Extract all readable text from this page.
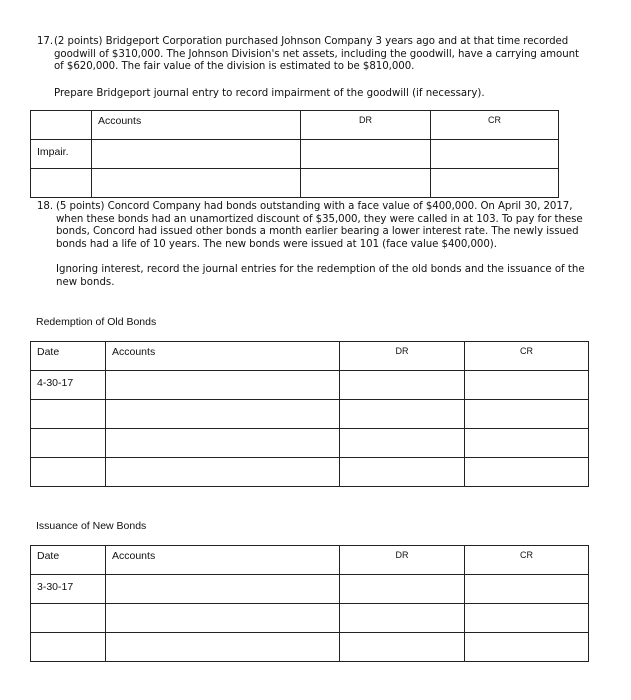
17. (2 points) Bridgeport Corporation purchased Johnson Company 3 years ago and at that time recorded goodwill of $310,000. The Johnson Division's net assets, including the goodwill, have a carrying amount of $620,000. The fair value of the division is estimated to be $810,000.
Prepare Bridgeport journal entry to record impairment of the goodwill (if necessary).
	Accounts	DR	CR
Impair.			

18. (5 points) Concord Company had bonds outstanding with a face value of $400,000. On April 30, 2017, when these bonds had an unamortized discount of $35,000, they were called in at 103. To pay for these bonds, Concord had issued other bonds a month earlier bearing a lower interest rate. The newly issued bonds had a life of 10 years. The new bonds were issued at 101 (face value $400,000).
Ignoring interest, record the journal entries for the redemption of the old bonds and the issuance of the new bonds.
Redemption of Old Bonds
Date	Accounts	DR	CR
4-30-17			

Issuance of New Bonds
Date	Accounts	DR	CR
3-30-17			
